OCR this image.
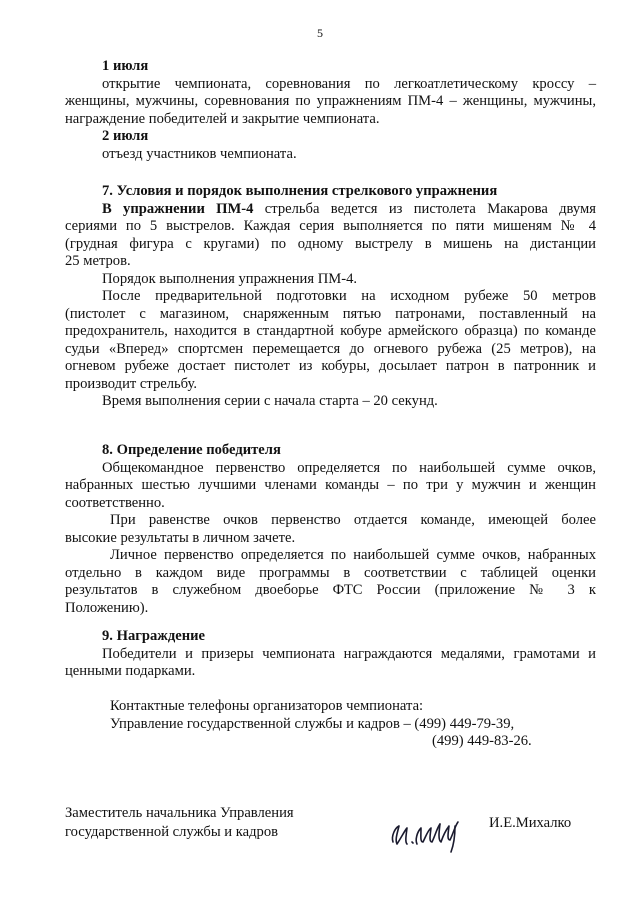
5
1 июля
открытие чемпионата, соревнования по легкоатлетическому кроссу –
женщины, мужчины, соревнования по упражнениям ПМ-4 – женщины, мужчины,
награждение победителей и закрытие чемпионата.
2 июля
отъезд участников чемпионата.
7. Условия и порядок выполнения стрелкового упражнения
В упражнении ПМ-4 стрельба ведется из пистолета Макарова двумя
сериями по 5 выстрелов. Каждая серия выполняется по пяти мишеням № 4
(грудная фигура с кругами) по одному выстрелу в мишень на дистанции
25 метров.
Порядок выполнения упражнения ПМ-4.
После предварительной подготовки на исходном рубеже 50 метров
(пистолет с магазином, снаряженным пятью патронами, поставленный на
предохранитель, находится в стандартной кобуре армейского образца) по команде
судьи «Вперед» спортсмен перемещается до огневого рубежа (25 метров), на
огневом рубеже достает пистолет из кобуры, досылает патрон в патронник и
производит стрельбу.
Время выполнения серии с начала старта – 20 секунд.
8. Определение победителя
Общекомандное первенство определяется по наибольшей сумме очков,
набранных шестью лучшими членами команды – по три у мужчин и женщин
соответственно.
При равенстве очков первенство отдается команде, имеющей более
высокие результаты в личном зачете.
Личное первенство определяется по наибольшей сумме очков, набранных
отдельно в каждом виде программы в соответствии с таблицей оценки
результатов в служебном двоеборье ФТС России (приложение № 3 к
Положению).
9. Награждение
Победители и призеры чемпионата награждаются медалями, грамотами и
ценными подарками.
Контактные телефоны организаторов чемпионата:
Управление государственной службы и кадров – (499) 449-79-39,
(499) 449-83-26.
Заместитель начальника Управления
государственной службы и кадров
И.Е.Михалко
